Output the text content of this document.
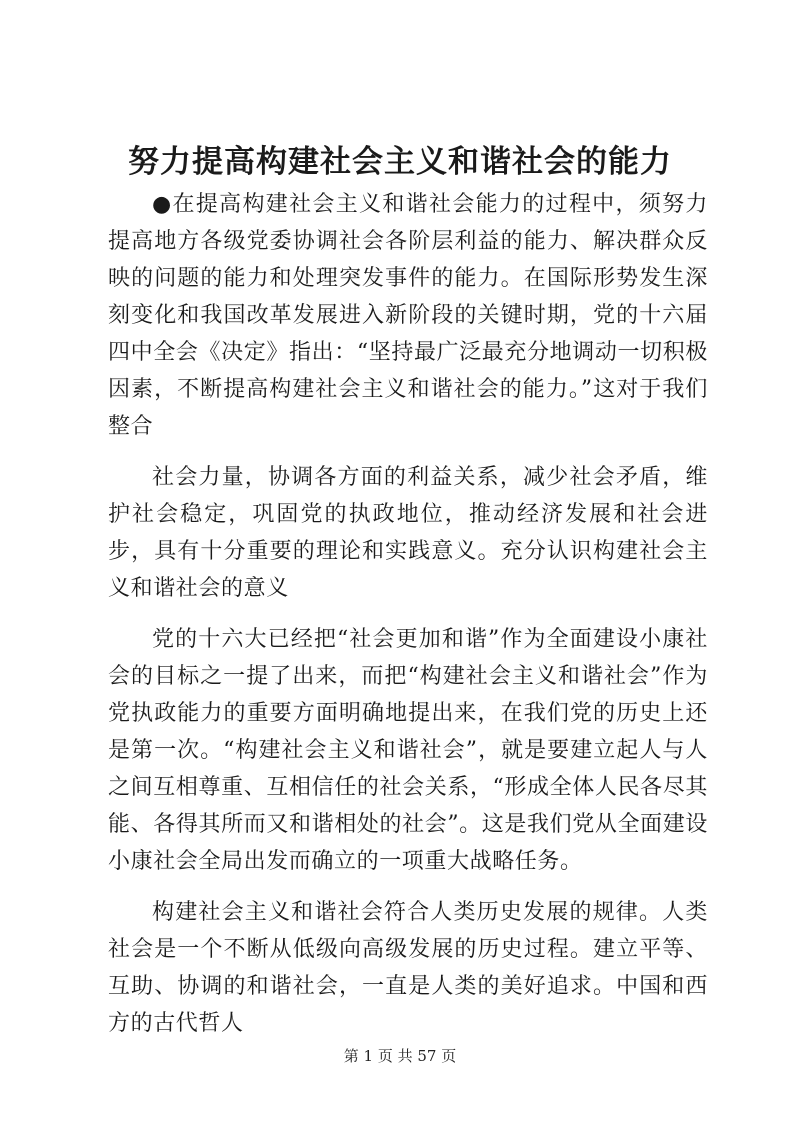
努力提高构建社会主义和谐社会的能力

●在提高构建社会主义和谐社会能力的过程中，须努力提高地方各级党委协调社会各阶层利益的能力、解决群众反映的问题的能力和处理突发事件的能力。在国际形势发生深刻变化和我国改革发展进入新阶段的关键时期，党的十六届四中全会《决定》指出：“坚持最广泛最充分地调动一切积极因素，不断提高构建社会主义和谐社会的能力。”这对于我们整合

社会力量，协调各方面的利益关系，减少社会矛盾，维护社会稳定，巩固党的执政地位，推动经济发展和社会进步，具有十分重要的理论和实践意义。充分认识构建社会主义和谐社会的意义

党的十六大已经把“社会更加和谐”作为全面建设小康社会的目标之一提了出来，而把“构建社会主义和谐社会”作为党执政能力的重要方面明确地提出来，在我们党的历史上还是第一次。“构建社会主义和谐社会”，就是要建立起人与人之间互相尊重、互相信任的社会关系，“形成全体人民各尽其能、各得其所而又和谐相处的社会”。这是我们党从全面建设小康社会全局出发而确立的一项重大战略任务。

构建社会主义和谐社会符合人类历史发展的规律。人类社会是一个不断从低级向高级发展的历史过程。建立平等、互助、协调的和谐社会，一直是人类的美好追求。中国和西方的古代哲人

第 1 页 共 57 页
